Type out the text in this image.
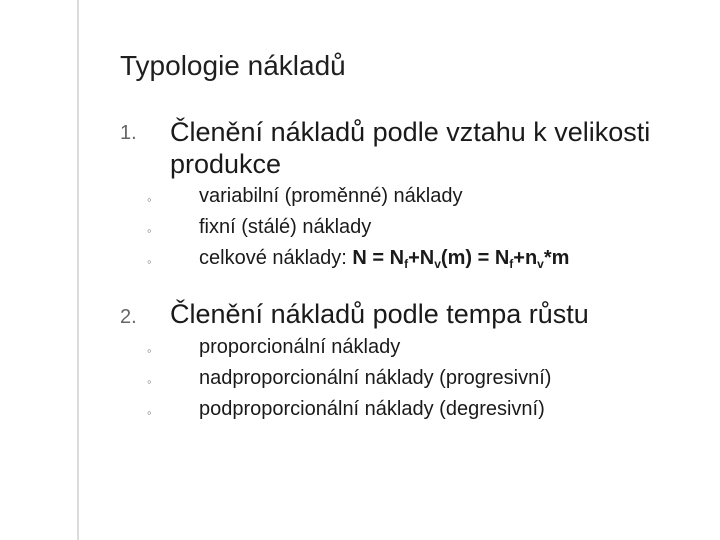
Typologie nákladů
1. Členění nákladů podle vztahu k velikosti
produkce
◦ variabilní (proměnné) náklady
◦ fixní (stálé) náklady
◦ celkové náklady: $N = N_f+N_v(m) = N_f+n_v*m$
2. Členění nákladů podle tempa růstu
◦ proporcionální náklady
◦ nadproporcionální náklady (progresivní)
◦ podproporcionální náklady (degresivní)
